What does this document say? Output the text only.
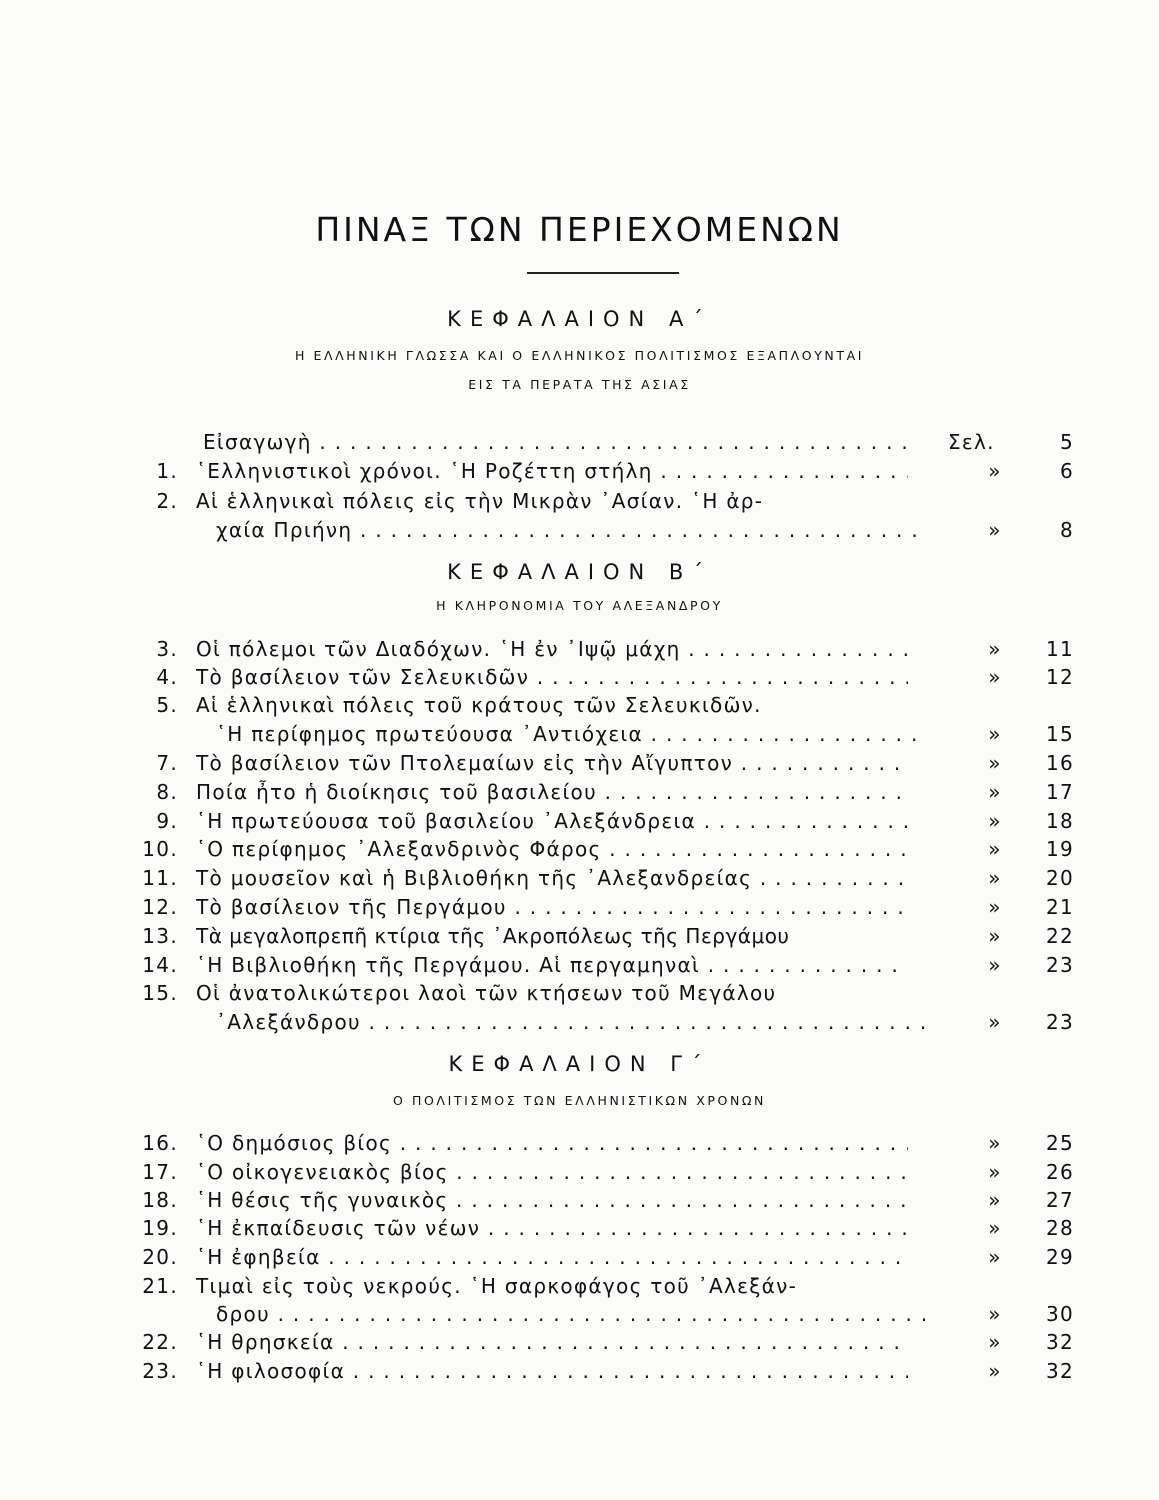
ΠΙΝΑΞ ΤΩΝ ΠΕΡΙΕΧΟΜΕΝΩΝ
ΚΕΦΑΛΑΙΟΝ Α΄
Η ΕΛΛΗΝΙΚΗ ΓΛΩΣΣΑ ΚΑΙ Ο ΕΛΛΗΝΙΚΟΣ ΠΟΛΙΤΙΣΜΟΣ ΕΞΑΠΛΟΥΝΤΑΙ
ΕΙΣ ΤΑ ΠΕΡΑΤΑ ΤΗΣ ΑΣΙΑΣ
Εἰσαγωγὴ . . .	Σελ.	5
1. ῾Ελληνιστικοὶ χρόνοι. ῾Η Ροζέττη στήλη . . .	»	6
2. Αἱ ἑλληνικαὶ πόλεις εἰς τὴν Μικρὰν ᾿Ασίαν. ῾Η ἀρ-
χαία Πριήνη . . .	»	8
ΚΕΦΑΛΑΙΟΝ Β΄
Η ΚΛΗΡΟΝΟΜΙΑ ΤΟΥ ΑΛΕΞΑΝΔΡΟΥ
3. Οἱ πόλεμοι τῶν Διαδόχων. ῾Η ἐν ᾿Ιψῷ μάχη . . .	»	11
4. Τὸ βασίλειον τῶν Σελευκιδῶν . . .	»	12
5. Αἱ ἑλληνικαὶ πόλεις τοῦ κράτους τῶν Σελευκιδῶν.
῾Η περίφημος πρωτεύουσα ᾿Αντιόχεια . . .	»	15
7. Τὸ βασίλειον τῶν Πτολεμαίων εἰς τὴν Αἴγυπτον . . .	»	16
8. Ποία ἦτο ἡ διοίκησις τοῦ βασιλείου . . .	»	17
9. ῾Η πρωτεύουσα τοῦ βασιλείου ᾿Αλεξάνδρεια . . .	»	18
10. ῾Ο περίφημος ᾿Αλεξανδρινὸς Φάρος . . .	»	19
11. Τὸ μουσεῖον καὶ ἡ Βιβλιοθήκη τῆς ᾿Αλεξανδρείας . . .	»	20
12. Τὸ βασίλειον τῆς Περγάμου . . .	»	21
13. Τὰ μεγαλοπρεπῆ κτίρια τῆς ᾿Ακροπόλεως τῆς Περγάμου	»	22
14. ῾Η Βιβλιοθήκη τῆς Περγάμου. Αἱ περγαμηναὶ . . .	»	23
15. Οἱ ἀνατολικώτεροι λαοὶ τῶν κτήσεων τοῦ Μεγάλου
᾿Αλεξάνδρου . . .	»	23
ΚΕΦΑΛΑΙΟΝ Γ΄
Ο ΠΟΛΙΤΙΣΜΟΣ ΤΩΝ ΕΛΛΗΝΙΣΤΙΚΩΝ ΧΡΟΝΩΝ
16. ῾Ο δημόσιος βίος . . .	»	25
17. ῾Ο οἰκογενειακὸς βίος . . .	»	26
18. ῾Η θέσις τῆς γυναικὸς . . .	»	27
19. ῾Η ἐκπαίδευσις τῶν νέων . . .	»	28
20. ῾Η ἐφηβεία . . .	»	29
21. Τιμαὶ εἰς τοὺς νεκρούς. ῾Η σαρκοφάγος τοῦ ᾿Αλεξάν-
δρου . . .	»	30
22. ῾Η θρησκεία . . .	»	32
23. ῾Η φιλοσοφία . . .	»	32
